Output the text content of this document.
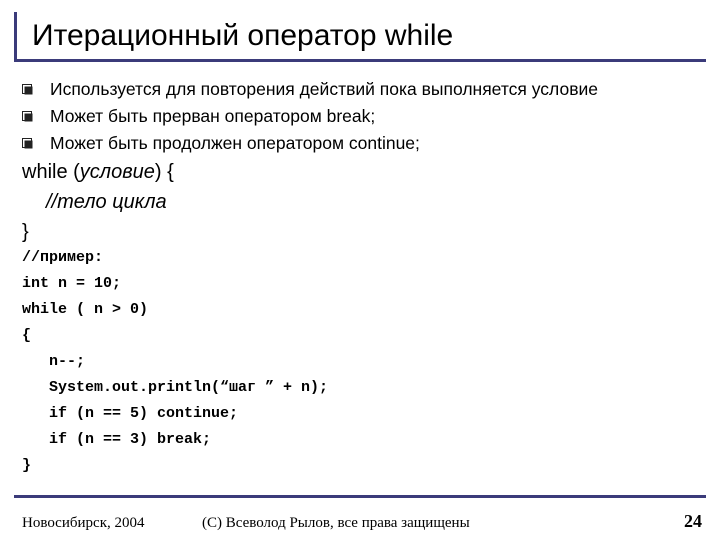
Итерационный оператор while
Используется для повторения действий пока выполняется условие
Может быть прерван оператором break;
Может быть продолжен оператором continue;
while (условие) {
//тело цикла
}
//пример:
int n = 10;
while ( n > 0)
{
n--;
System.out.println(“шаг ” + n);
if (n == 5) continue;
if (n == 3) break;
}
Новосибирск, 2004	(C) Всеволод Рылов, все права защищены	24
